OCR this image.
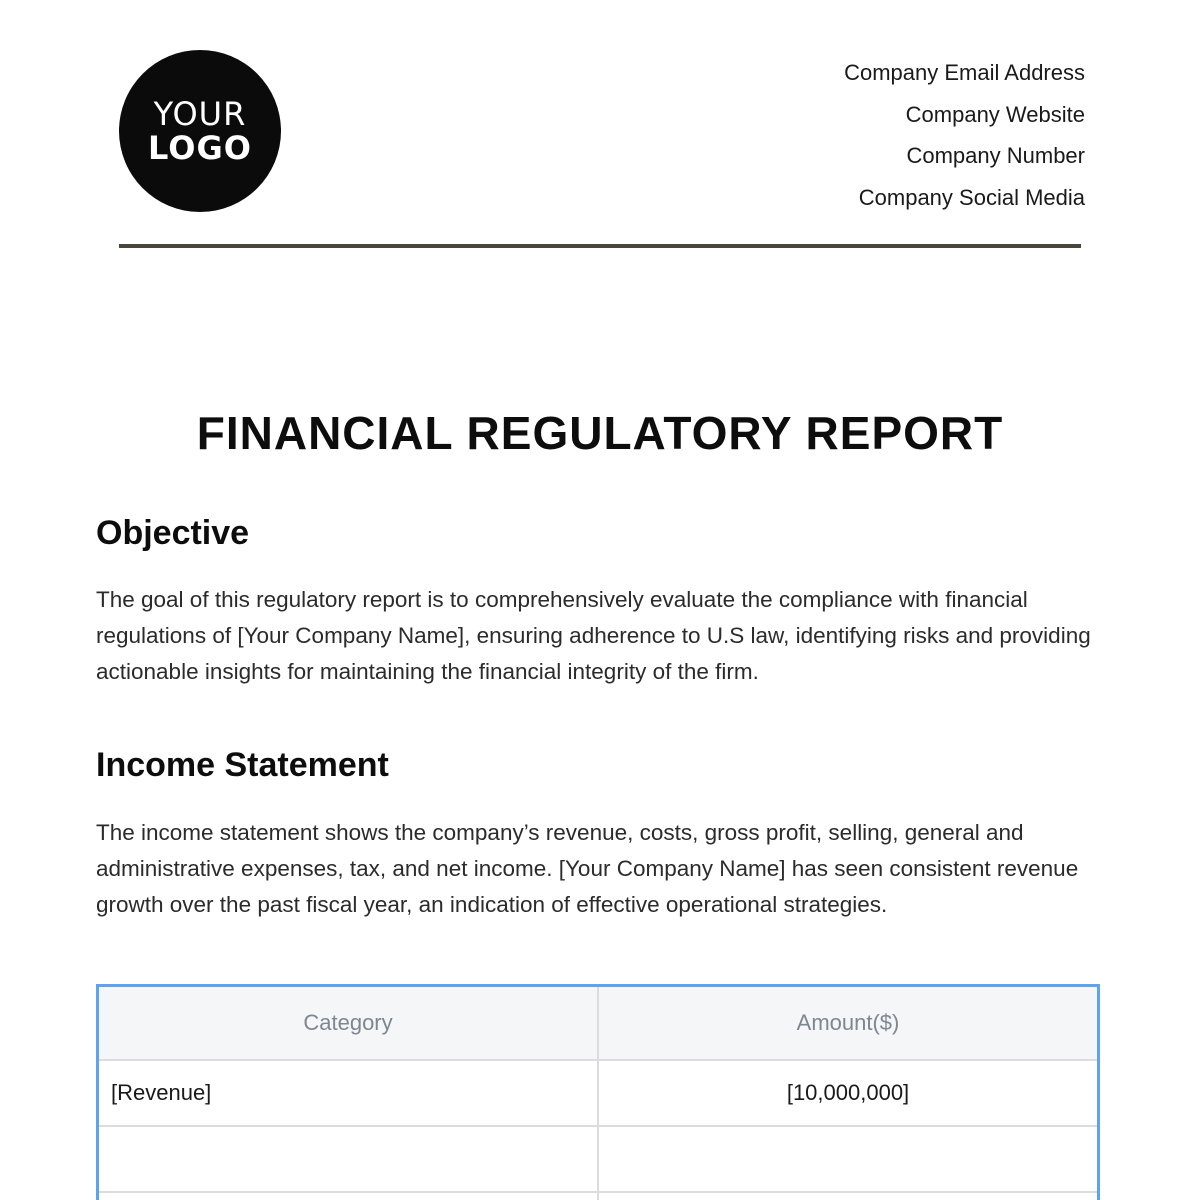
YOUR
LOGO
Company Email Address
Company Website
Company Number
Company Social Media
FINANCIAL REGULATORY REPORT
Objective

The goal of this regulatory report is to comprehensively evaluate the compliance with financial regulations of [Your Company Name], ensuring adherence to U.S law, identifying risks and providing actionable insights for maintaining the financial integrity of the firm.

Income Statement

The income statement shows the company’s revenue, costs, gross profit, selling, general and administrative expenses, tax, and net income. [Your Company Name] has seen consistent revenue growth over the past fiscal year, an indication of effective operational strategies.

Category	Amount($)
[Revenue]	[10,000,000]
